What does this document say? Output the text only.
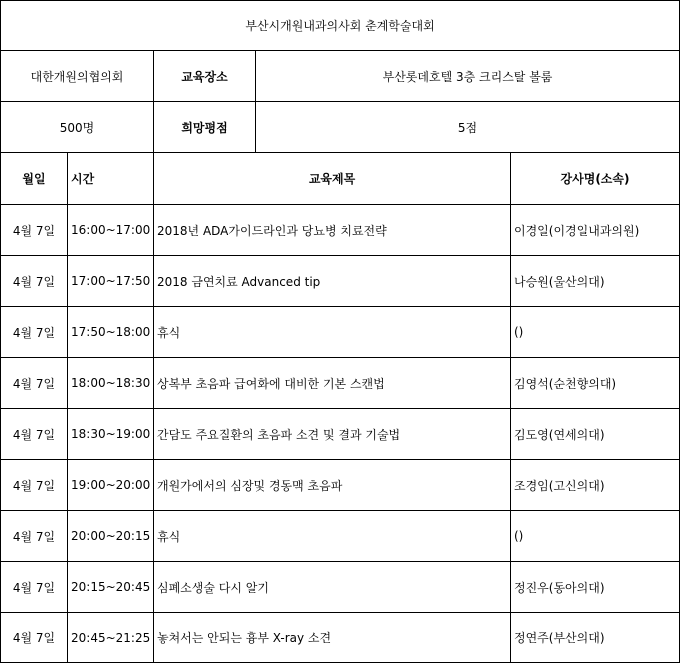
부산시개원내과의사회 춘계학술대회				
대한개원의협의회		교육장소	부산롯데호텔 3층 크리스탈 볼룸	
500명		희망평점	5점	
월일	시간	교육제목		강사명(소속)
4월 7일	16:00~17:00	2018년 ADA가이드라인과 당뇨병 치료전략		이경일(이경일내과의원)
4월 7일	17:00~17:50	2018 금연치료 Advanced tip		나승원(울산의대)
4월 7일	17:50~18:00	휴식		()
4월 7일	18:00~18:30	상복부 초음파 급여화에 대비한 기본 스캔법		김영석(순천향의대)
4월 7일	18:30~19:00	간담도 주요질환의 초음파 소견 및 결과 기술법		김도영(연세의대)
4월 7일	19:00~20:00	개원가에서의 심장및 경동맥 초음파		조경임(고신의대)
4월 7일	20:00~20:15	휴식		()
4월 7일	20:15~20:45	심폐소생술 다시 알기		정진우(동아의대)
4월 7일	20:45~21:25	놓쳐서는 안되는 흉부 X-ray 소견		정연주(부산의대)
